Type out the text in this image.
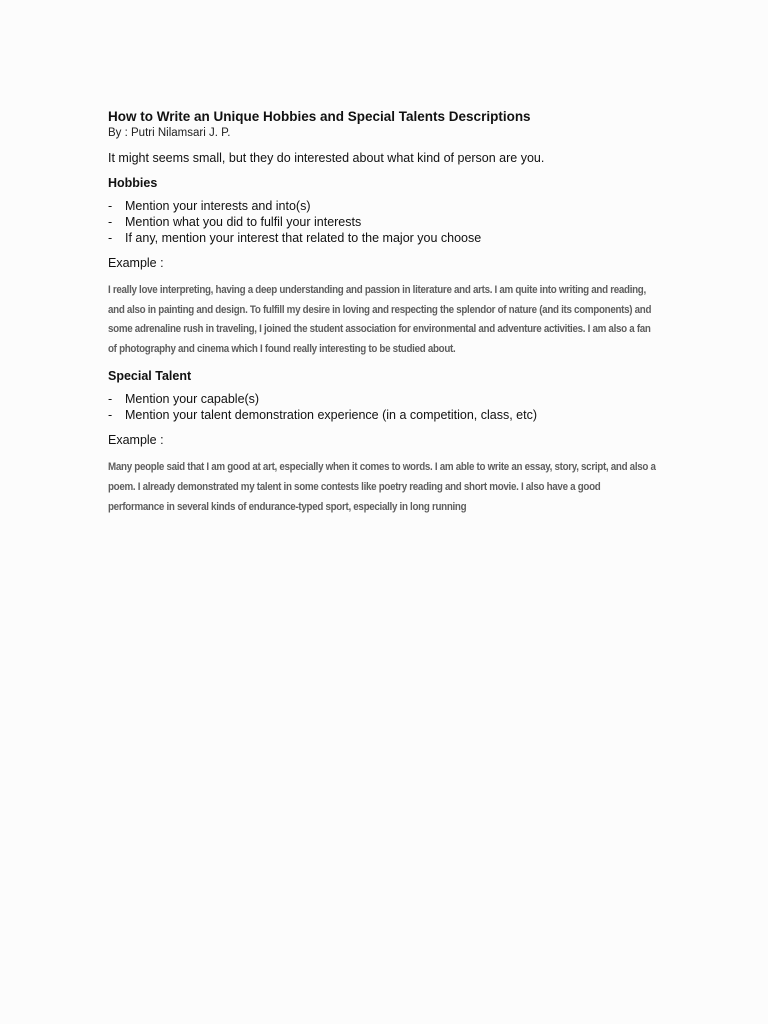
How to Write an Unique Hobbies and Special Talents Descriptions

By : Putri Nilamsari J. P.

It might seems small, but they do interested about what kind of person are you.

Hobbies
-	Mention your interests and into(s)
-	Mention what you did to fulfil your interests
-	If any, mention your interest that related to the major you choose

Example :

I really love interpreting, having a deep understanding and passion in literature and arts. I am quite into writing and reading, and also in painting and design. To fulfill my desire in loving and respecting the splendor of nature (and its components) and some adrenaline rush in traveling, I joined the student association for environmental and adventure activities. I am also a fan of photography and cinema which I found really interesting to be studied about.

Special Talent
-	Mention your capable(s)
-	Mention your talent demonstration experience (in a competition, class, etc)

Example :

Many people said that I am good at art, especially when it comes to words. I am able to write an essay, story, script, and also a poem. I already demonstrated my talent in some contests like poetry reading and short movie. I also have a good performance in several kinds of endurance-typed sport, especially in long running
